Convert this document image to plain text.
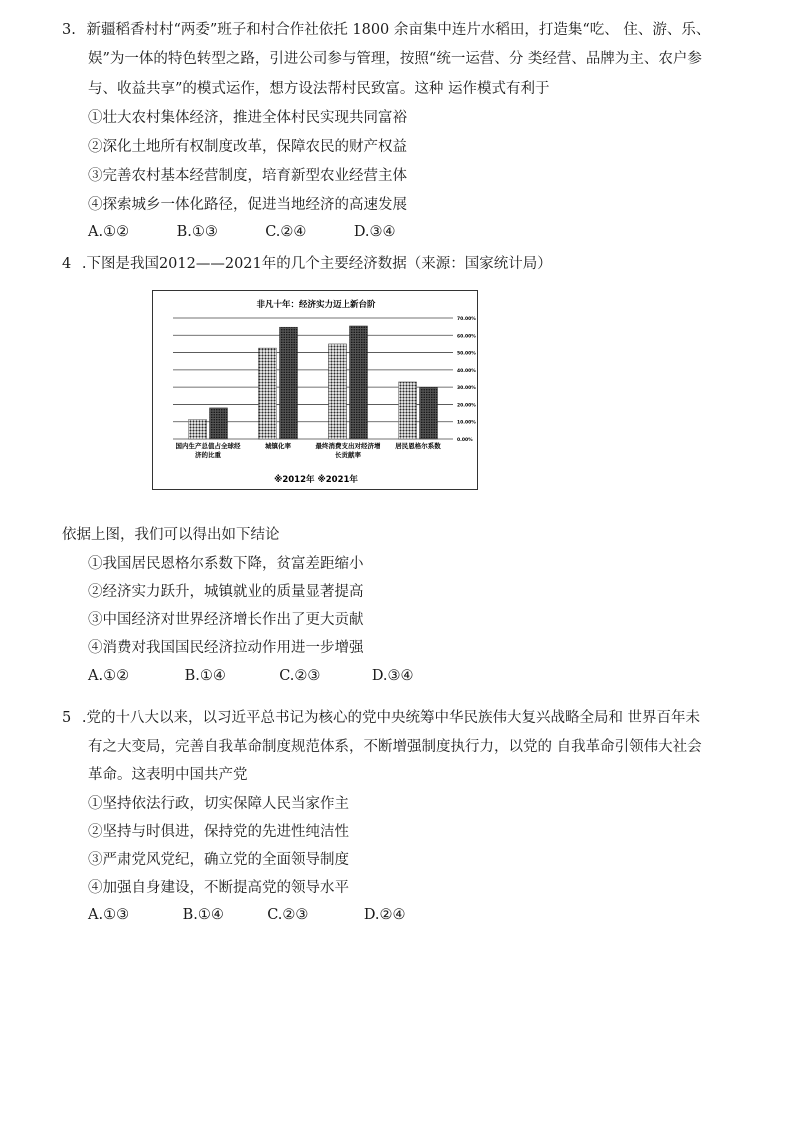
3. 新疆稻香村村“两委”班子和村合作社依托 1800 余亩集中连片水稻田，打造集“吃、 住、游、乐、
娱”为一体的特色转型之路，引进公司参与管理，按照“统一运营、分 类经营、品牌为主、农户参
与、收益共享”的模式运作，想方设法帮村民致富。这种 运作模式有利于
①壮大农村集体经济，推进全体村民实现共同富裕
②深化土地所有权制度改革，保障农民的财产权益
③完善农村基本经营制度，培育新型农业经营主体
④探索城乡一体化路径，促进当地经济的高速发展
A.①②	B.①③	C.②④	D.③④
4 .下图是我国2012——2021年的几个主要经济数据（来源：国家统计局）
非凡十年：经济实力迈上新台阶
70.00%
60.00%
50.00%
40.00%
30.00%
20.00%
10.00%
0.00%
国内生产总值占全球经
济的比重
城镇化率	最终消费支出对经济增
长贡献率
居民恩格尔系数
※2012年 ※2021年
依据上图，我们可以得出如下结论
①我国居民恩格尔系数下降，贫富差距缩小
②经济实力跃升，城镇就业的质量显著提高
③中国经济对世界经济增长作出了更大贡献
④消费对我国国民经济拉动作用进一步增强
A.①②	B.①④	C.②③	D.③④
5 .党的十八大以来，以习近平总书记为核心的党中央统筹中华民族伟大复兴战略全局和 世界百年未
有之大变局，完善自我革命制度规范体系，不断增强制度执行力，以党的 自我革命引领伟大社会
革命。这表明中国共产党
①坚持依法行政，切实保障人民当家作主
②坚持与时俱进，保持党的先进性纯洁性
③严肃党风党纪，确立党的全面领导制度
④加强自身建设，不断提高党的领导水平
A.①③	B.①④	C.②③	D.②④
